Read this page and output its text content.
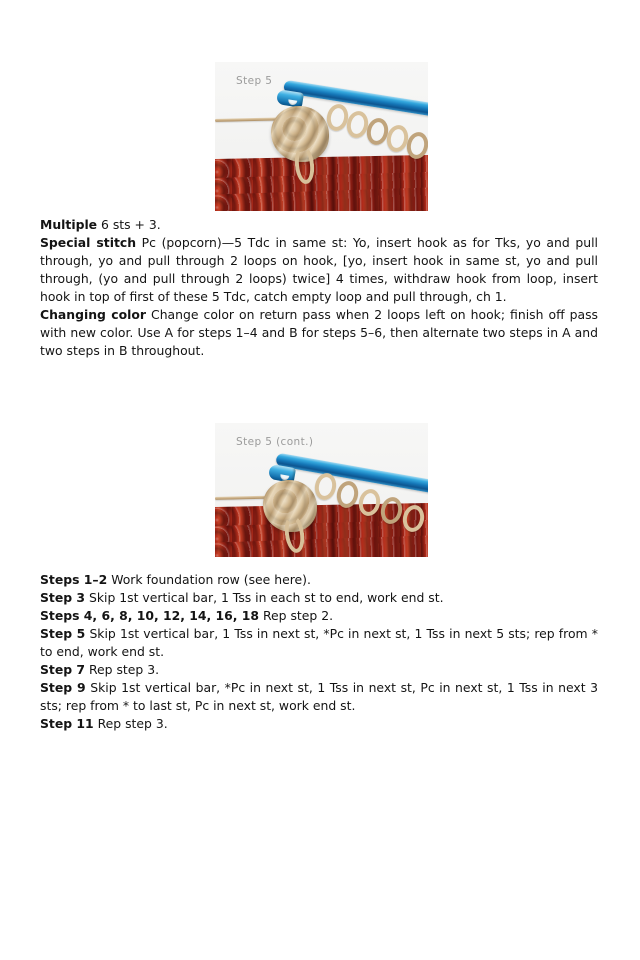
Step 5

Multiple 6 sts + 3.

Special stitch Pc (popcorn)—5 Tdc in same st: Yo, insert hook as for Tks, yo and pull through, yo and pull through 2 loops on hook, [yo, insert hook in same st, yo and pull through, (yo and pull through 2 loops) twice] 4 times, withdraw hook from loop, insert hook in top of first of these 5 Tdc, catch empty loop and pull through, ch 1.

Changing color Change color on return pass when 2 loops left on hook; finish off pass with new color. Use A for steps 1–4 and B for steps 5–6, then alternate two steps in A and two steps in B throughout.

Step 5 (cont.)

Steps 1–2 Work foundation row (see here).

Step 3 Skip 1st vertical bar, 1 Tss in each st to end, work end st.

Steps 4, 6, 8, 10, 12, 14, 16, 18 Rep step 2.

Step 5 Skip 1st vertical bar, 1 Tss in next st, *Pc in next st, 1 Tss in next 5 sts; rep from * to end, work end st.

Step 7 Rep step 3.

Step 9 Skip 1st vertical bar, *Pc in next st, 1 Tss in next st, Pc in next st, 1 Tss in next 3 sts; rep from * to last st, Pc in next st, work end st.

Step 11 Rep step 3.
